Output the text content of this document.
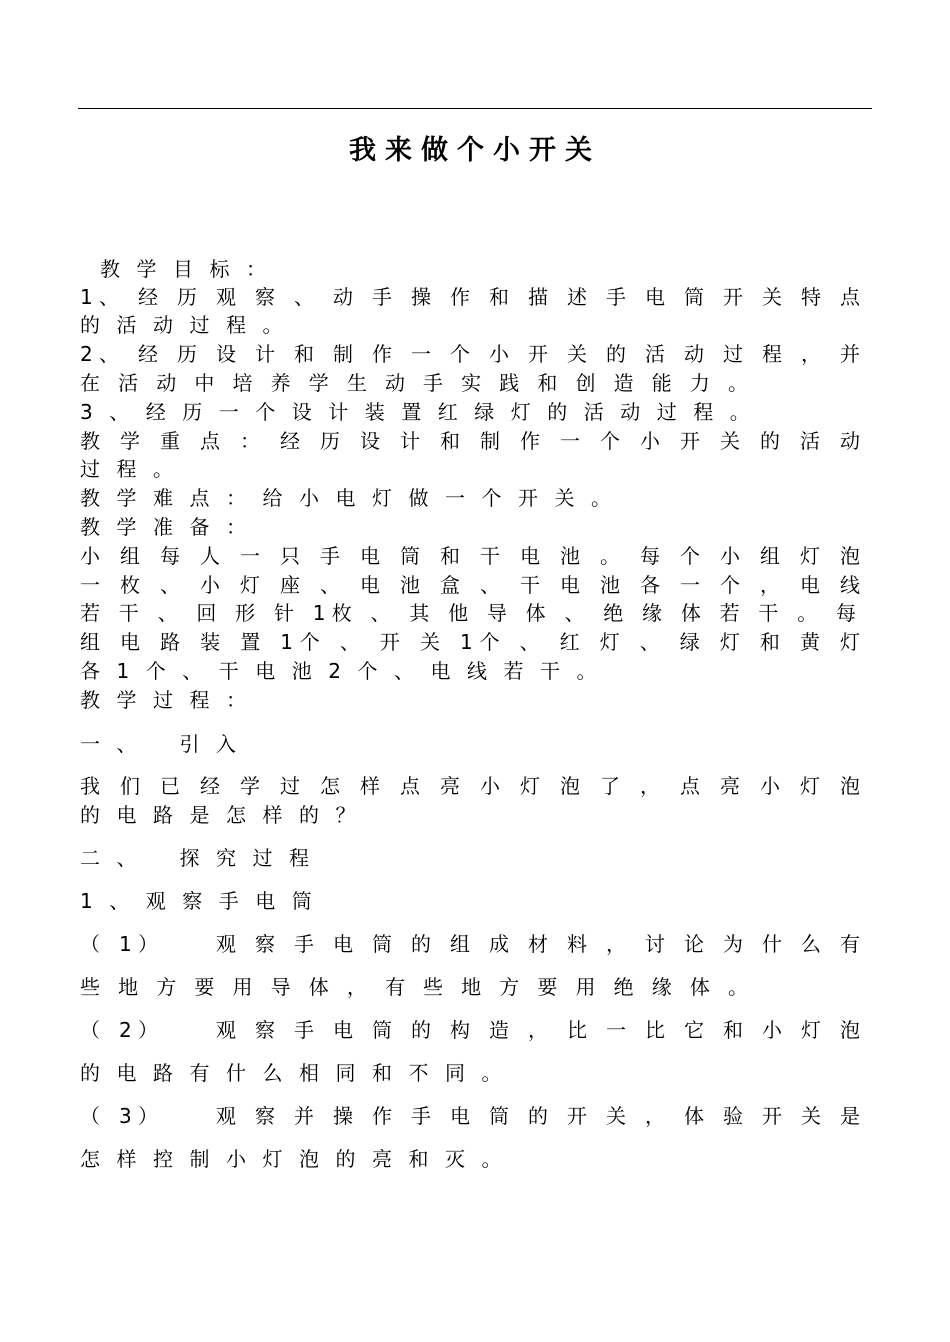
我来做个小开关
教学目标：
1、 经 历 观 察 、 动 手 操 作 和 描 述 手 电 筒 开 关 特 点
的活动过程。
2、 经 历 设 计 和 制 作 一 个 小 开 关 的 活 动 过 程 ， 并
在 活 动 中 培 养 学 生 动 手 实 践 和 创 造 能 力 。
3、经历一个设计装置红绿灯的活动过程。
教 学 重 点 ： 经 历 设 计 和 制 作 一 个 小 开 关 的 活 动
过程。
教学难点：给小电灯做一个开关。
教学准备：
小 组 每 人 一 只 手 电 筒 和 干 电 池 。 每 个 小 组 灯 泡
一 枚 、 小 灯 座 、 电 池 盒 、 干 电 池 各 一 个 ， 电 线
若 干 、 回 形 针 1枚 、 其 他 导 体 、 绝 缘 体 若 干 。 每
组 电 路 装 置 1个 、 开 关 1个 、 红 灯 、 绿 灯 和 黄 灯
各1个、干电池2个、电线若干。
教学过程：
一、　引入
我 们 已 经 学 过 怎 样 点 亮 小 灯 泡 了 ， 点 亮 小 灯 泡
的电路是怎样的？
二、　探究过程
1、观察手电筒
（ 1） 　 观 察 手 电 筒 的 组 成 材 料 ， 讨 论 为 什 么 有
些 地 方 要 用 导 体 ， 有 些 地 方 要 用 绝 缘 体 。
（ 2） 　 观 察 手 电 筒 的 构 造 ， 比 一 比 它 和 小 灯 泡
的电路有什么相同和不同。
（ 3） 　 观 察 并 操 作 手 电 筒 的 开 关 ， 体 验 开 关 是
怎样控制小灯泡的亮和灭。
